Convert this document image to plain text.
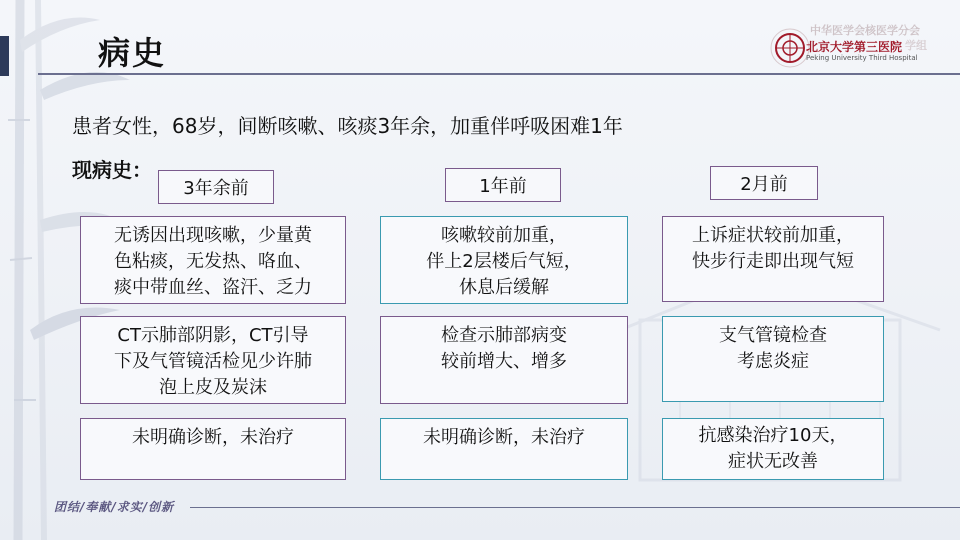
病史
中华医学会核医学分会
北京大学第三医院 学组
Peking University Third Hospital
患者女性，68岁，间断咳嗽、咳痰3年余，加重伴呼吸困难1年
现病史：
3年余前
无诱因出现咳嗽，少量黄
色粘痰，无发热、咯血、
痰中带血丝、盗汗、乏力
CT示肺部阴影，CT引导
下及气管镜活检见少许肺
泡上皮及炭沫
未明确诊断，未治疗
1年前
咳嗽较前加重，
伴上2层楼后气短，
休息后缓解
检查示肺部病变
较前增大、增多
未明确诊断，未治疗
2月前
上诉症状较前加重，
快步行走即出现气短
支气管镜检查
考虑炎症
抗感染治疗10天，
症状无改善
团结/奉献/求实/创新
